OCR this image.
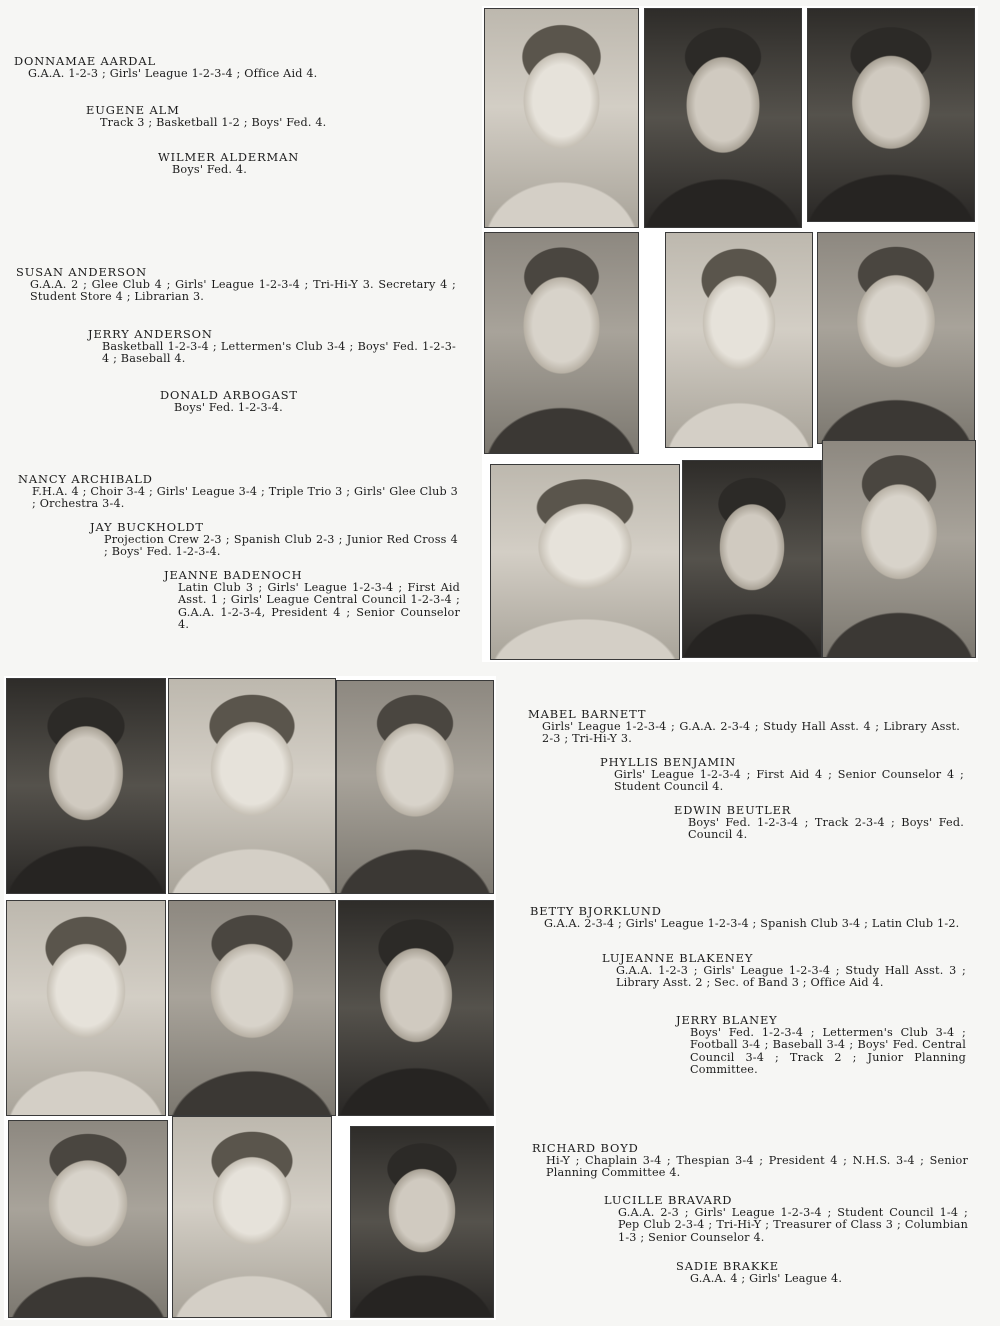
DONNAMAE AARDAL
G.A.A. 1-2-3 ; Girls' League 1-2-3-4 ; Office Aid 4.
EUGENE ALM
Track 3 ; Basketball 1-2 ; Boys' Fed. 4.
WILMER ALDERMAN
Boys' Fed. 4.
SUSAN ANDERSON
G.A.A. 2 ; Glee Club 4 ; Girls' League 1-2-3-4 ; Tri-Hi-Y 3. Secretary 4 ; Student Store 4 ; Librarian 3.
JERRY ANDERSON
Basketball 1-2-3-4 ; Lettermen's Club 3-4 ; Boys' Fed. 1-2-3-4 ; Baseball 4.
DONALD ARBOGAST
Boys' Fed. 1-2-3-4.
NANCY ARCHIBALD
F.H.A. 4 ; Choir 3-4 ; Girls' League 3-4 ; Triple Trio 3 ; Girls' Glee Club 3 ; Orchestra 3-4.
JAY BUCKHOLDT
Projection Crew 2-3 ; Spanish Club 2-3 ; Junior Red Cross 4 ; Boys' Fed. 1-2-3-4.
JEANNE BADENOCH
Latin Club 3 ; Girls' League 1-2-3-4 ; First Aid Asst. 1 ; Girls' League Central Council 1-2-3-4 ; G.A.A. 1-2-3-4, President 4 ; Senior Counselor 4.
MABEL BARNETT
Girls' League 1-2-3-4 ; G.A.A. 2-3-4 ; Study Hall Asst. 4 ; Library Asst. 2-3 ; Tri-Hi-Y 3.
PHYLLIS BENJAMIN
Girls' League 1-2-3-4 ; First Aid 4 ; Senior Counselor 4 ; Student Council 4.
EDWIN BEUTLER
Boys' Fed. 1-2-3-4 ; Track 2-3-4 ; Boys' Fed. Council 4.
BETTY BJORKLUND
G.A.A. 2-3-4 ; Girls' League 1-2-3-4 ; Spanish Club 3-4 ; Latin Club 1-2.
LUJEANNE BLAKENEY
G.A.A. 1-2-3 ; Girls' League 1-2-3-4 ; Study Hall Asst. 3 ; Library Asst. 2 ; Sec. of Band 3 ; Office Aid 4.
JERRY BLANEY
Boys' Fed. 1-2-3-4 ; Lettermen's Club 3-4 ; Football 3-4 ; Baseball 3-4 ; Boys' Fed. Central Council 3-4 ; Track 2 ; Junior Planning Committee.
RICHARD BOYD
Hi-Y ; Chaplain 3-4 ; Thespian 3-4 ; President 4 ; N.H.S. 3-4 ; Senior Planning Committee 4.
LUCILLE BRAVARD
G.A.A. 2-3 ; Girls' League 1-2-3-4 ; Student Council 1-4 ; Pep Club 2-3-4 ; Tri-Hi-Y ; Treasurer of Class 3 ; Columbian 1-3 ; Senior Counselor 4.
SADIE BRAKKE
G.A.A. 4 ; Girls' League 4.
